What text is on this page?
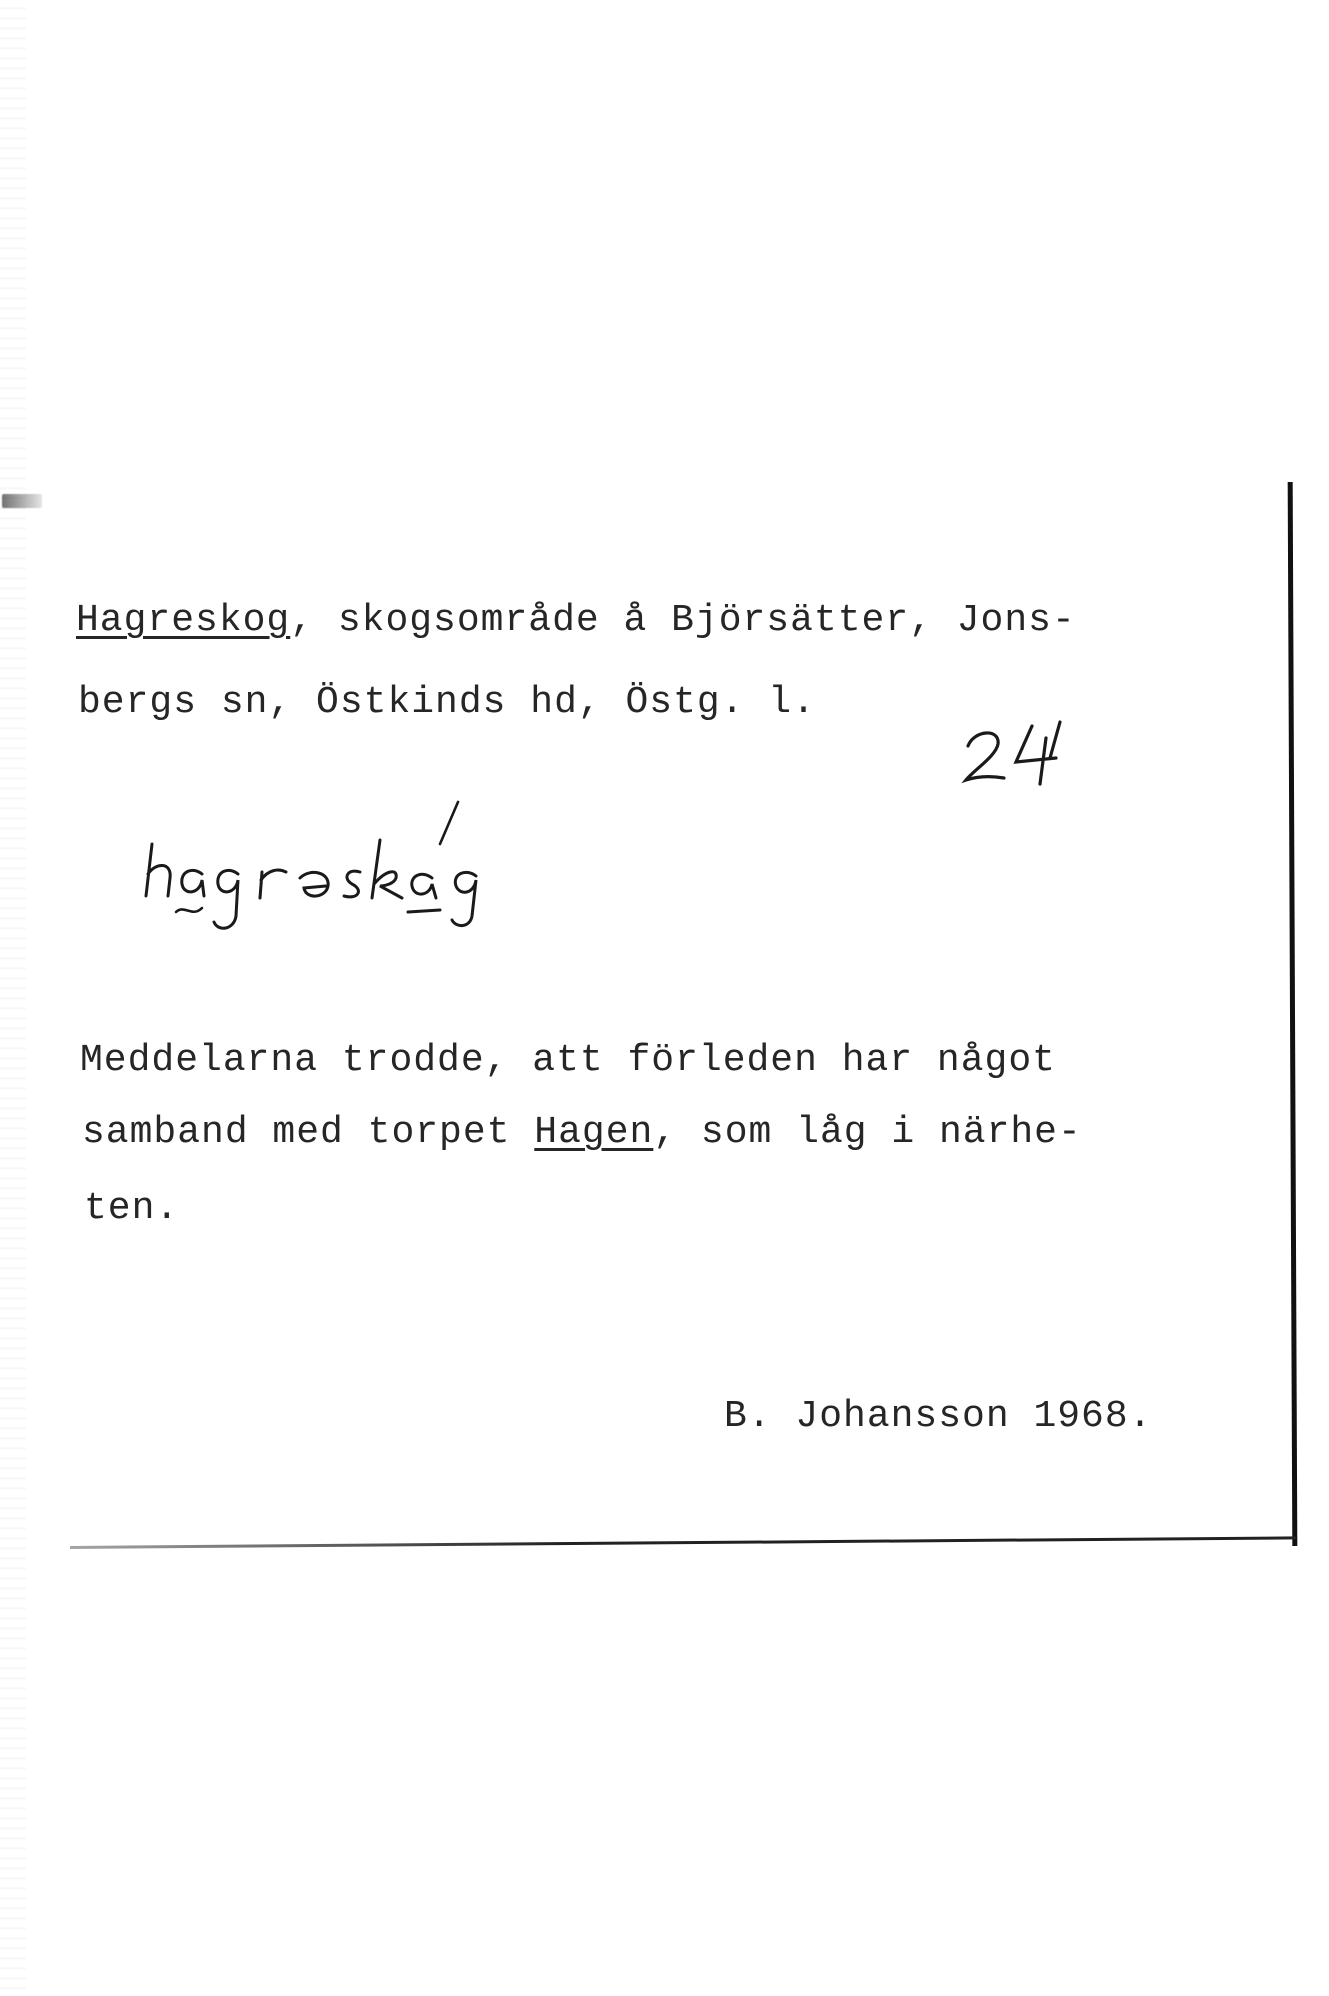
Hagreskog, skogsområde å Björsätter, Jons-
bergs sn, Östkinds hd, Östg. l.
Meddelarna trodde, att förleden har något
samband med torpet Hagen, som låg i närhe-
ten.
B. Johansson 1968.
